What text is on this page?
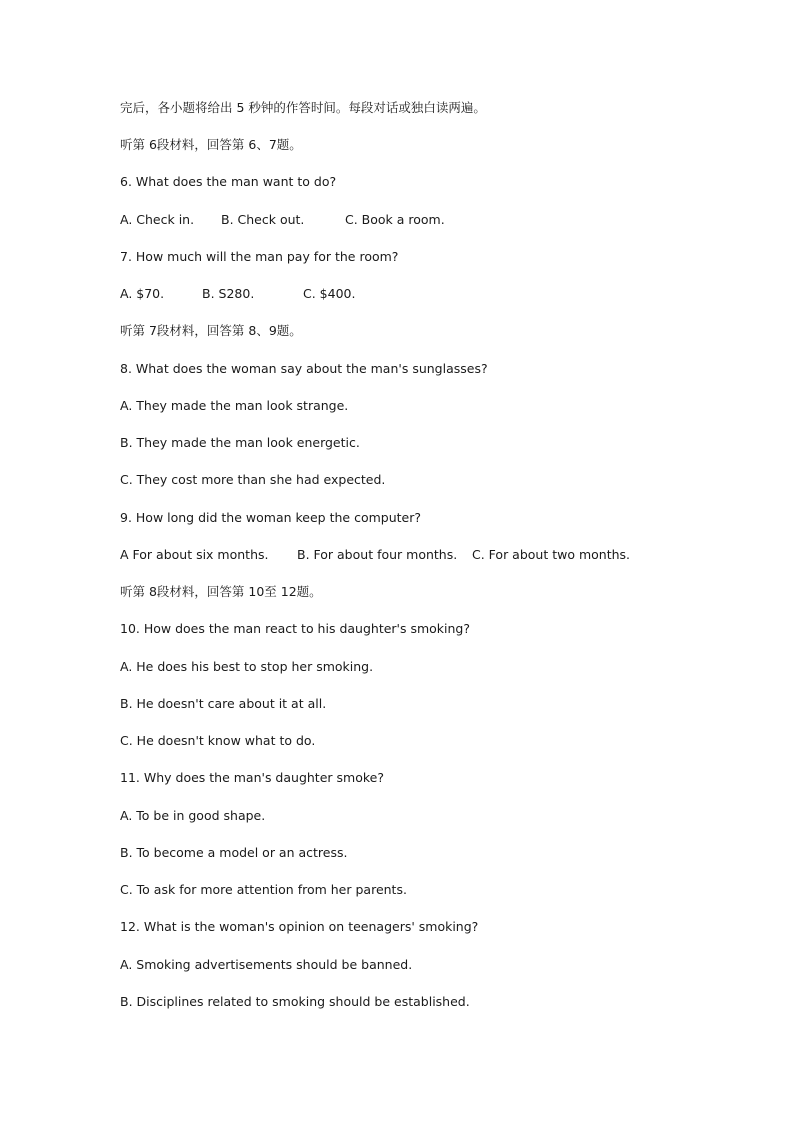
完后，各小题将给出 5 秒钟的作答时间。每段对话或独白读两遍。
听第 6段材料，回答第 6、7题。
6. What does the man want to do?
A. Check in. B. Check out.	C. Book a room.
7. How much will the man pay for the room?
A. $70.	B. S280.	C. $400.
听第 7段材料，回答第 8、9题。
8. What does the woman say about the man's sunglasses?
A. They made the man look strange.
B. They made the man look energetic.
C. They cost more than she had expected.
9. How long did the woman keep the computer?
A For about six months. B. For about four months. C. For about two months.
听第 8段材料，回答第 10至 12题。
10. How does the man react to his daughter's smoking?
A. He does his best to stop her smoking.
B. He doesn't care about it at all.
C. He doesn't know what to do.
11. Why does the man's daughter smoke?
A. To be in good shape.
B. To become a model or an actress.
C. To ask for more attention from her parents.
12. What is the woman's opinion on teenagers' smoking?
A. Smoking advertisements should be banned.
B. Disciplines related to smoking should be established.
